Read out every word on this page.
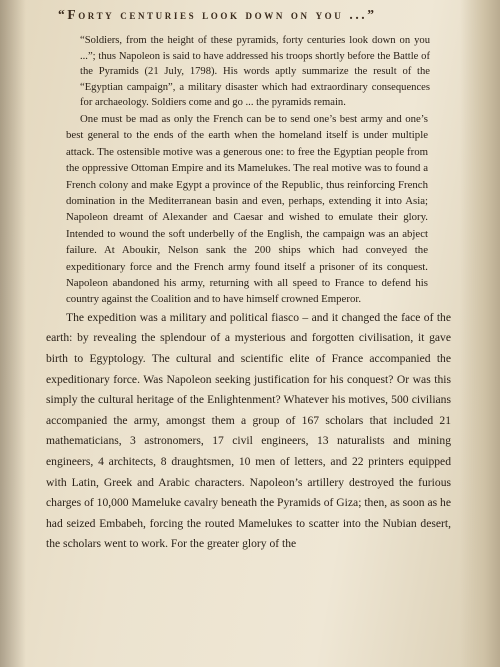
“Forty centuries look down on you ...”

“Soldiers, from the height of these pyramids, forty centuries look down on you ...”; thus Napoleon is said to have addressed his troops shortly before the Battle of the Pyramids (21 July, 1798). His words aptly summarize the result of the “Egyptian campaign”, a military disaster which had extraordinary consequences for archaeology. Soldiers come and go ... the pyramids remain.

One must be mad as only the French can be to send one’s best army and one’s best general to the ends of the earth when the homeland itself is under multiple attack. The ostensible motive was a generous one: to free the Egyptian people from the oppressive Ottoman Empire and its Mamelukes. The real motive was to found a French colony and make Egypt a province of the Republic, thus reinforcing French domination in the Mediterranean basin and even, perhaps, extending it into Asia; Napoleon dreamt of Alexander and Caesar and wished to emulate their glory. Intended to wound the soft underbelly of the English, the campaign was an abject failure. At Aboukir, Nelson sank the 200 ships which had conveyed the expeditionary force and the French army found itself a prisoner of its conquest. Napoleon abandoned his army, returning with all speed to France to defend his country against the Coalition and to have himself crowned Emperor.

The expedition was a military and political fiasco – and it changed the face of the earth: by revealing the splendour of a mysterious and forgotten civilisation, it gave birth to Egyptology. The cultural and scientific elite of France accompanied the expeditionary force. Was Napoleon seeking justification for his conquest? Or was this simply the cultural heritage of the Enlightenment? Whatever his motives, 500 civilians accompanied the army, amongst them a group of 167 scholars that included 21 mathematicians, 3 astronomers, 17 civil engineers, 13 naturalists and mining engineers, 4 architects, 8 draughtsmen, 10 men of letters, and 22 printers equipped with Latin, Greek and Arabic characters. Napoleon’s artillery destroyed the furious charges of 10,000 Mameluke cavalry beneath the Pyramids of Giza; then, as soon as he had seized Embabeh, forcing the routed Mamelukes to scatter into the Nubian desert, the scholars went to work. For the greater glory of the
